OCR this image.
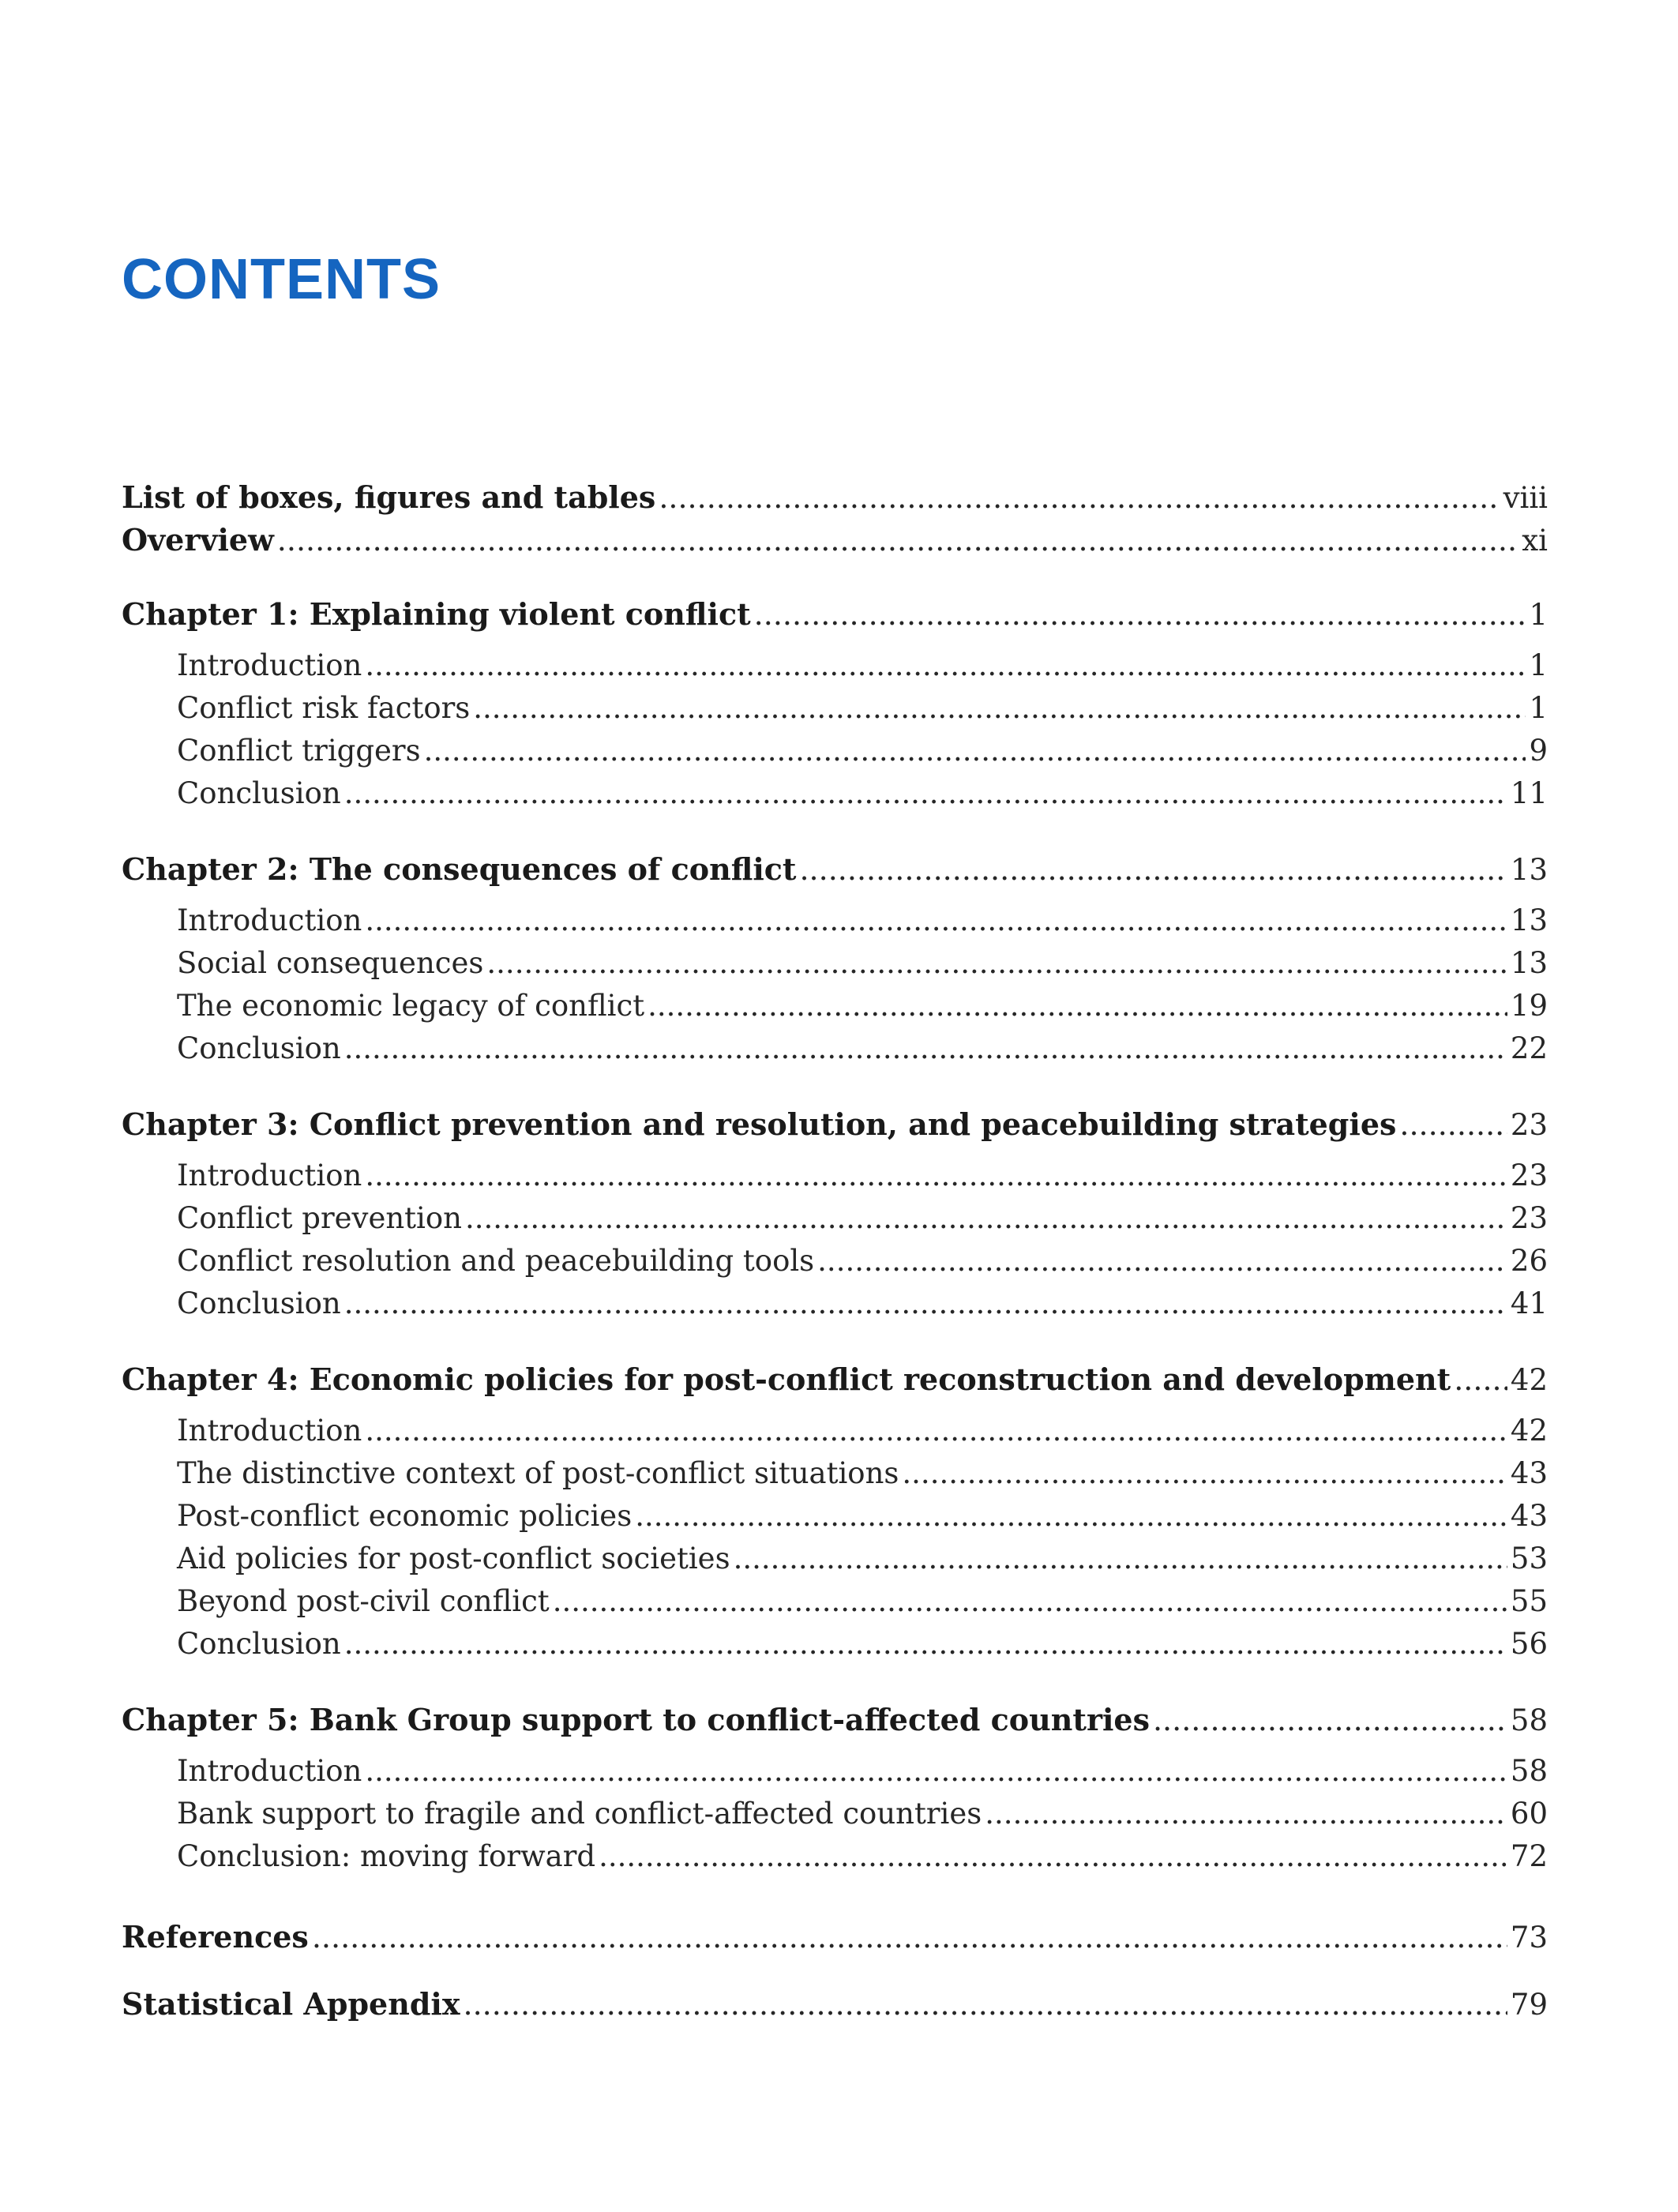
CONTENTS
List of boxes, figures and tables .....	viii
Overview .....	xi
Chapter 1: Explaining violent conflict .....	1
Introduction .....	1
Conflict risk factors .....	1
Conflict triggers .....	9
Conclusion .....	11
Chapter 2: The consequences of conflict .....	13
Introduction .....	13
Social consequences .....	13
The economic legacy of conflict .....	19
Conclusion .....	22
Chapter 3: Conflict prevention and resolution, and peacebuilding strategies .....	23
Introduction .....	23
Conflict prevention .....	23
Conflict resolution and peacebuilding tools .....	26
Conclusion .....	41
Chapter 4: Economic policies for post-conflict reconstruction and development ..... 42
Introduction .....	42
The distinctive context of post-conflict situations .....	43
Post-conflict economic policies .....	43
Aid policies for post-conflict societies .....	53
Beyond post-civil conflict .....	55
Conclusion .....	56
Chapter 5: Bank Group support to conflict-affected countries .....	58
Introduction .....	58
Bank support to fragile and conflict-affected countries .....	60
Conclusion: moving forward .....	72
References .....	73
Statistical Appendix .....	79
